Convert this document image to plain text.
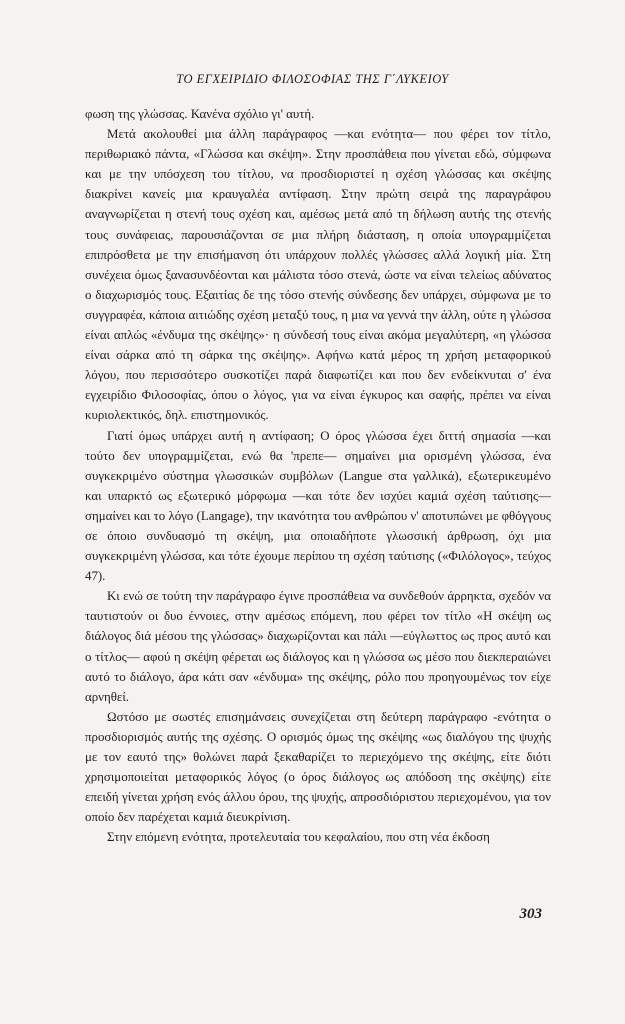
ΤΟ ΕΓΧΕΙΡΙΔΙΟ ΦΙΛΟΣΟΦΙΑΣ ΤΗΣ Γ΄ΛΥΚΕΙΟΥ

φωση της γλώσσας. Κανένα σχόλιο γι' αυτή.

Μετά ακολουθεί μια άλλη παράγραφος —και ενότητα— που φέρει τον τίτλο, περιθωριακό πάντα, «Γλώσσα και σκέψη». Στην προσπάθεια που γίνεται εδώ, σύμφωνα και με την υπόσχεση του τίτλου, να προσδιοριστεί η σχέση γλώσσας και σκέψης διακρίνει κανείς μια κραυγαλέα αντίφαση. Στην πρώτη σειρά της παραγράφου αναγνωρίζεται η στενή τους σχέση και, αμέσως μετά από τη δήλωση αυτής της στενής τους συνάφειας, παρουσιάζονται σε μια πλήρη διάσταση, η οποία υπογραμμίζεται επιπρόσθετα με την επισήμανση ότι υπάρχουν πολλές γλώσσες αλλά λογική μία. Στη συνέχεια όμως ξανασυνδέονται και μάλιστα τόσο στενά, ώστε να είναι τελείως αδύνατος ο διαχωρισμός τους. Εξαιτίας δε της τόσο στενής σύνδεσης δεν υπάρχει, σύμφωνα με το συγγραφέα, κάποια αιτιώδης σχέση μεταξύ τους, η μια να γεννά την άλλη, ούτε η γλώσσα είναι απλώς «ένδυμα της σκέψης»· η σύνδεσή τους είναι ακόμα μεγαλύτερη, «η γλώσσα είναι σάρκα από τη σάρκα της σκέψης». Αφήνω κατά μέρος τη χρήση μεταφορικού λόγου, που περισσότερο συσκοτίζει παρά διαφωτίζει και που δεν ενδείκνυται σ' ένα εγχειρίδιο Φιλοσοφίας, όπου ο λόγος, για να είναι έγκυρος και σαφής, πρέπει να είναι κυριολεκτικός, δηλ. επιστημονικός.

Γιατί όμως υπάρχει αυτή η αντίφαση; Ο όρος γλώσσα έχει διττή σημασία —και τούτο δεν υπογραμμίζεται, ενώ θα 'πρεπε— σημαίνει μια ορισμένη γλώσσα, ένα συγκεκριμένο σύστημα γλωσσικών συμβόλων (Langue στα γαλλικά), εξωτερικευμένο και υπαρκτό ως εξωτερικό μόρφωμα —και τότε δεν ισχύει καμιά σχέση ταύτισης— σημαίνει και το λόγο (Langage), την ικανότητα του ανθρώπου ν' αποτυπώνει με φθόγγους σε όποιο συνδυασμό τη σκέψη, μια οποιαδήποτε γλωσσική άρθρωση, όχι μια συγκεκριμένη γλώσσα, και τότε έχουμε περίπου τη σχέση ταύτισης («Φιλόλογος», τεύχος 47).

Κι ενώ σε τούτη την παράγραφο έγινε προσπάθεια να συνδεθούν άρρηκτα, σχεδόν να ταυτιστούν οι δυο έννοιες, στην αμέσως επόμενη, που φέρει τον τίτλο «Η σκέψη ως διάλογος διά μέσου της γλώσσας» διαχωρίζονται και πάλι —εύγλωττος ως προς αυτό και ο τίτλος— αφού η σκέψη φέρεται ως διάλογος και η γλώσσα ως μέσο που διεκπεραιώνει αυτό το διάλογο, άρα κάτι σαν «ένδυμα» της σκέψης, ρόλο που προηγουμένως τον είχε αρνηθεί.

Ωστόσο με σωστές επισημάνσεις συνεχίζεται στη δεύτερη παράγραφο -ενότητα ο προσδιορισμός αυτής της σχέσης. Ο ορισμός όμως της σκέψης «ως διαλόγου της ψυχής με τον εαυτό της» θολώνει παρά ξεκαθαρίζει το περιεχόμενο της σκέψης, είτε διότι χρησιμοποιείται μεταφορικός λόγος (ο όρος διάλογος ως απόδοση της σκέψης) είτε επειδή γίνεται χρήση ενός άλλου όρου, της ψυχής, απροσδιόριστου περιεχομένου, για τον οποίο δεν παρέχεται καμιά διευκρίνιση.

Στην επόμενη ενότητα, προτελευταία του κεφαλαίου, που στη νέα έκδοση

303
